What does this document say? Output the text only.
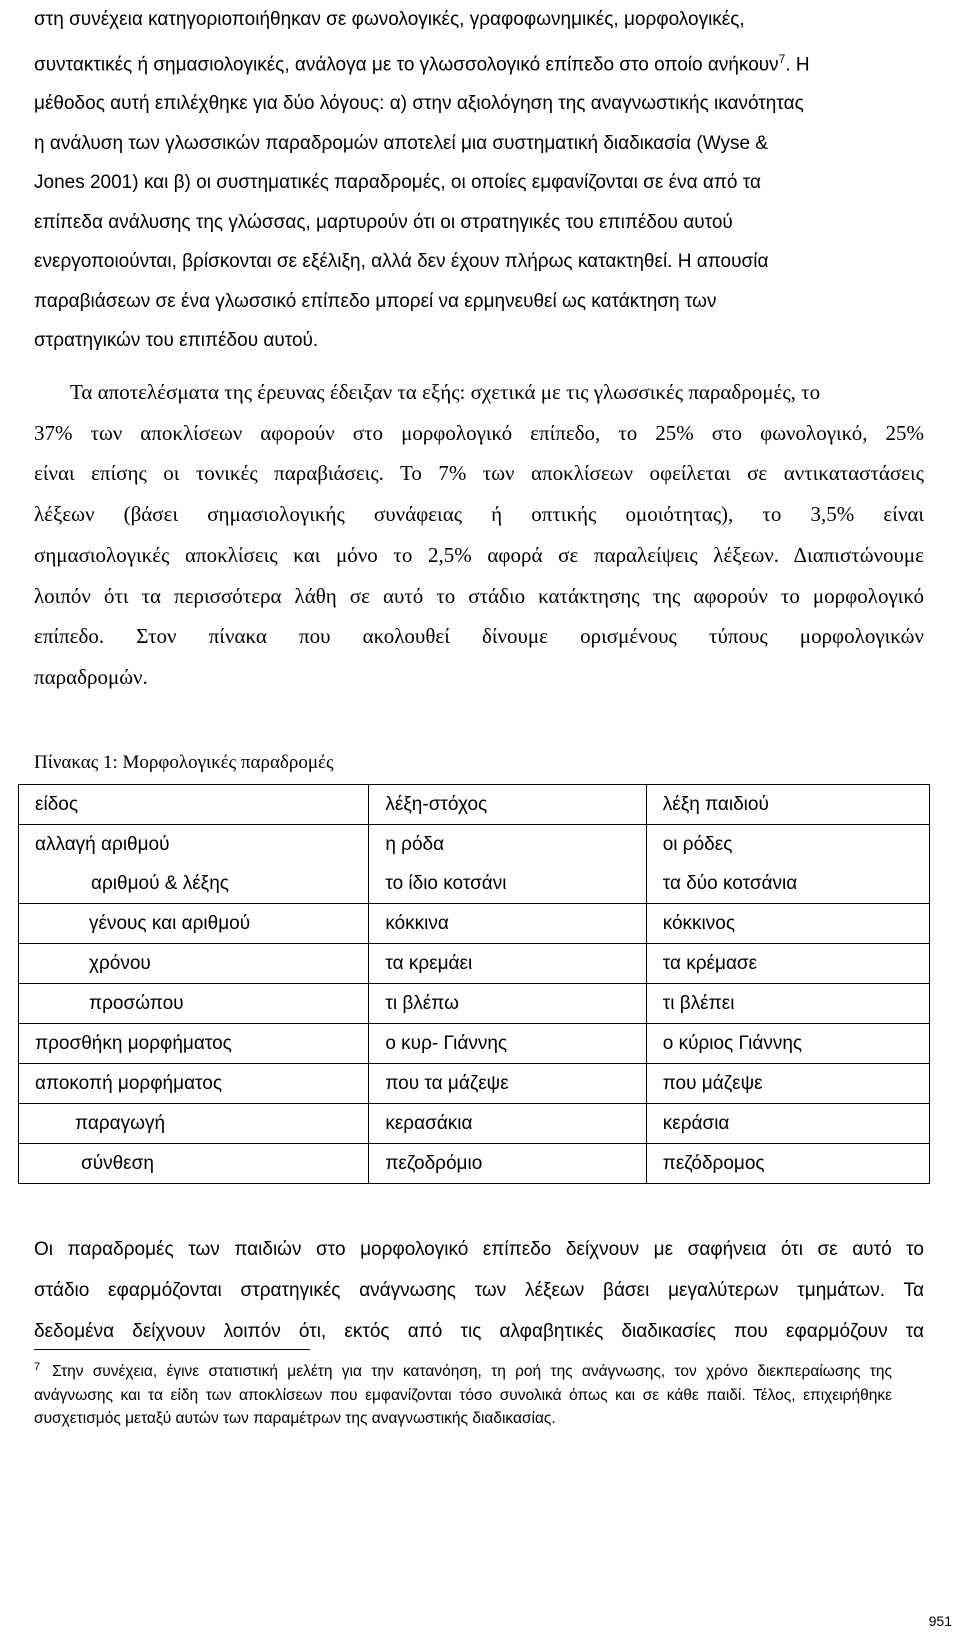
στη συνέχεια κατηγοριοποιήθηκαν σε φωνολογικές, γραφοφωνημικές, μορφολογικές,
συντακτικές ή σημασιολογικές, ανάλογα με το γλωσσολογικό επίπεδο στο οποίο ανήκουν$^7$. Η
μέθοδος αυτή επιλέχθηκε για δύο λόγους: α) στην αξιολόγηση της αναγνωστικής ικανότητας
η ανάλυση των γλωσσικών παραδρομών αποτελεί μια συστηματική διαδικασία (Wyse &
Jones 2001) και β) οι συστηματικές παραδρομές, οι οποίες εμφανίζονται σε ένα από τα
επίπεδα ανάλυσης της γλώσσας, μαρτυρούν ότι οι στρατηγικές του επιπέδου αυτού
ενεργοποιούνται, βρίσκονται σε εξέλιξη, αλλά δεν έχουν πλήρως κατακτηθεί. Η απουσία
παραβιάσεων σε ένα γλωσσικό επίπεδο μπορεί να ερμηνευθεί ως κατάκτηση των
στρατηγικών του επιπέδου αυτού.
Τα αποτελέσματα της έρευνας έδειξαν τα εξής: σχετικά με τις γλωσσικές παραδρομές, το
37% των αποκλίσεων αφορούν στο μορφολογικό επίπεδο, το 25% στο φωνολογικό, 25%
είναι επίσης οι τονικές παραβιάσεις. Το 7% των αποκλίσεων οφείλεται σε αντικαταστάσεις
λέξεων (βάσει σημασιολογικής συνάφειας ή οπτικής ομοιότητας), το 3,5% είναι
σημασιολογικές αποκλίσεις και μόνο το 2,5% αφορά σε παραλείψεις λέξεων. Διαπιστώνουμε
λοιπόν ότι τα περισσότερα λάθη σε αυτό το στάδιο κατάκτησης της αφορούν το μορφολογικό
επίπεδο. Στον πίνακα που ακολουθεί δίνουμε ορισμένους τύπους μορφολογικών
παραδρομών.
Πίνακας 1: Μορφολογικές παραδρομές
είδος	λέξη-στόχος	λέξη παιδιού
αλλαγή αριθμού	η ρόδα	οι ρόδες
αριθμού & λέξης	το ίδιο κοτσάνι	τα δύο κοτσάνια
γένους και αριθμού	κόκκινα	κόκκινος
χρόνου	τα κρεμάει	τα κρέμασε
προσώπου	τι βλέπω	τι βλέπει
προσθήκη μορφήματος	ο κυρ- Γιάννης	ο κύριος Γιάννης
αποκοπή μορφήματος	που τα μάζεψε	που μάζεψε
παραγωγή	κερασάκια	κεράσια
σύνθεση	πεζοδρόμιο	πεζόδρομος
Οι παραδρομές των παιδιών στο μορφολογικό επίπεδο δείχνουν με σαφήνεια ότι σε αυτό το
στάδιο εφαρμόζονται στρατηγικές ανάγνωσης των λέξεων βάσει μεγαλύτερων τμημάτων. Τα
δεδομένα δείχνουν λοιπόν ότι, εκτός από τις αλφαβητικές διαδικασίες που εφαρμόζουν τα
$^7$ Στην συνέχεια, έγινε στατιστική μελέτη για την κατανόηση, τη ροή της ανάγνωσης, τον χρόνο διεκπεραίωσης της ανάγνωσης και τα είδη των αποκλίσεων που εμφανίζονται τόσο συνολικά όπως και σε κάθε παιδί. Τέλος, επιχειρήθηκε συσχετισμός μεταξύ αυτών των παραμέτρων της αναγνωστικής διαδικασίας.
951
